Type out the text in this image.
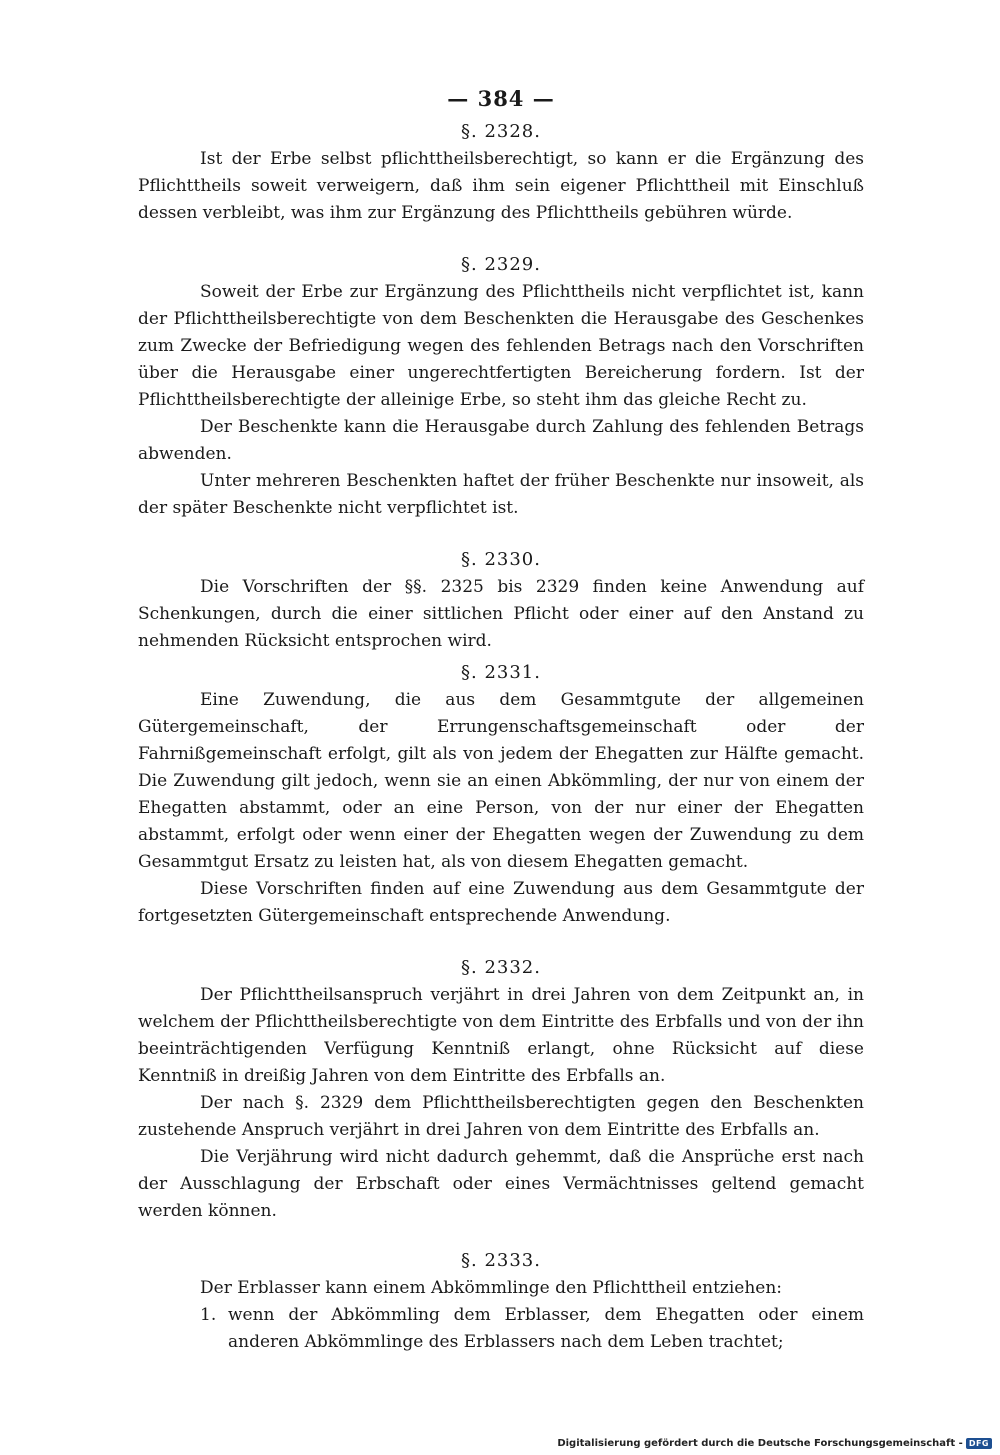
— 384 —
§. 2328.

Ist der Erbe selbst pflichttheilsberechtigt, so kann er die Ergänzung des Pflichttheils soweit verweigern, daß ihm sein eigener Pflichttheil mit Einschluß dessen verbleibt, was ihm zur Ergänzung des Pflichttheils gebühren würde.

§. 2329.

Soweit der Erbe zur Ergänzung des Pflichttheils nicht verpflichtet ist, kann der Pflichttheilsberechtigte von dem Beschenkten die Herausgabe des Geschenkes zum Zwecke der Befriedigung wegen des fehlenden Betrags nach den Vorschriften über die Herausgabe einer ungerechtfertigten Bereicherung fordern. Ist der Pflichttheilsberechtigte der alleinige Erbe, so steht ihm das gleiche Recht zu.

Der Beschenkte kann die Herausgabe durch Zahlung des fehlenden Betrags abwenden.

Unter mehreren Beschenkten haftet der früher Beschenkte nur insoweit, als der später Beschenkte nicht verpflichtet ist.

§. 2330.

Die Vorschriften der §§. 2325 bis 2329 finden keine Anwendung auf Schenkungen, durch die einer sittlichen Pflicht oder einer auf den Anstand zu nehmenden Rücksicht entsprochen wird.

§. 2331.

Eine Zuwendung, die aus dem Gesammtgute der allgemeinen Gütergemeinschaft, der Errungenschaftsgemeinschaft oder der Fahrnißgemeinschaft erfolgt, gilt als von jedem der Ehegatten zur Hälfte gemacht. Die Zuwendung gilt jedoch, wenn sie an einen Abkömmling, der nur von einem der Ehegatten abstammt, oder an eine Person, von der nur einer der Ehegatten abstammt, erfolgt oder wenn einer der Ehegatten wegen der Zuwendung zu dem Gesammtgut Ersatz zu leisten hat, als von diesem Ehegatten gemacht.

Diese Vorschriften finden auf eine Zuwendung aus dem Gesammtgute der fortgesetzten Gütergemeinschaft entsprechende Anwendung.

§. 2332.

Der Pflichttheilsanspruch verjährt in drei Jahren von dem Zeitpunkt an, in welchem der Pflichttheilsberechtigte von dem Eintritte des Erbfalls und von der ihn beeinträchtigenden Verfügung Kenntniß erlangt, ohne Rücksicht auf diese Kenntniß in dreißig Jahren von dem Eintritte des Erbfalls an.

Der nach §. 2329 dem Pflichttheilsberechtigten gegen den Beschenkten zustehende Anspruch verjährt in drei Jahren von dem Eintritte des Erbfalls an.

Die Verjährung wird nicht dadurch gehemmt, daß die Ansprüche erst nach der Ausschlagung der Erbschaft oder eines Vermächtnisses geltend gemacht werden können.

§. 2333.

Der Erblasser kann einem Abkömmlinge den Pflichttheil entziehen:

1. wenn der Abkömmling dem Erblasser, dem Ehegatten oder einem anderen Abkömmlinge des Erblassers nach dem Leben trachtet;
Digitalisierung gefördert durch die Deutsche Forschungsgemeinschaft - DFG
